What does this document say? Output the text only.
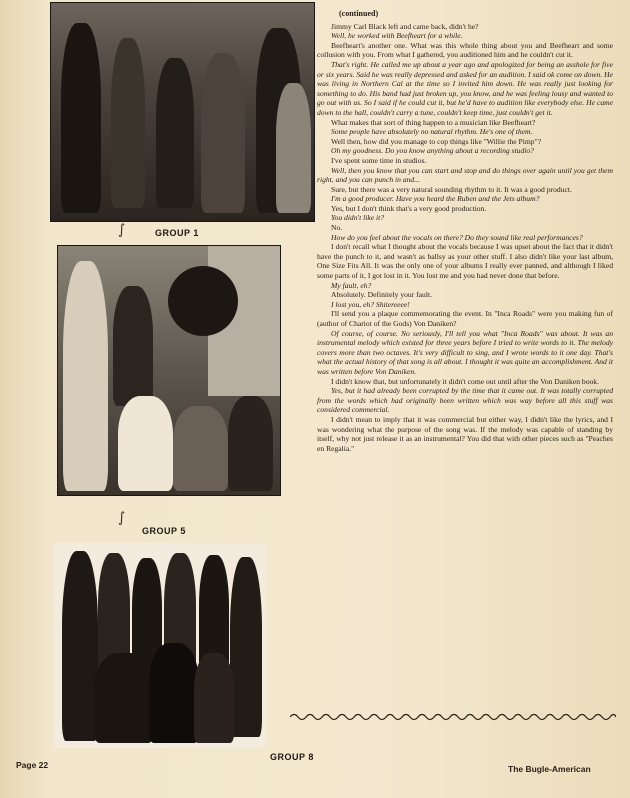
∫	GROUP 1
∫
GROUP 5
GROUP 8

(continued)

Jimmy Carl Black left and came back, didn't he?

Well, he worked with Beefheart for a while.

Beefheart's another one. What was this whole thing about you and Beefheart and some collusion with you. From what I gathered, you auditioned him and he couldn't cut it.

That's right. He called me up about a year ago and apologized for being an asshole for five or six years. Said he was really depressed and asked for an audition. I said ok come on down. He was living in Northern Cal at the time so I invited him down. He was really just looking for something to do. His band had just broken up, you know, and he was feeling lousy and wanted to go out with us. So I said if he could cut it, but he'd have to audition like everybody else. He came down to the hall, couldn't carry a tune, couldn't keep time, just couldn't get it.

What makes that sort of thing happen to a musician like Beefheart?

Some people have absolutely no natural rhythm. He's one of them.

Well then, how did you manage to cop things like "Willie the Pimp"?

Oh my goodness. Do you know anything about a recording studio?

I've spent some time in studios.

Well, then you know that you can start and stop and do things over again until you get them right, and you can punch in and...

Sure, but there was a very natural sounding rhythm to it. It was a good product.

I'm a good producer. Have you heard the Ruben and the Jets album?

Yes, but I don't think that's a very good production.

You didn't like it?

No.

How do you feel about the vocals on there? Do they sound like real performances?

I don't recall what I thought about the vocals because I was upset about the fact that it didn't have the punch to it, and wasn't as ballsy as your other stuff. I also didn't like your last album, One Size Fits All. It was the only one of your albums I really ever panned, and although I liked some parts of it, I got lost in it. You lost me and you had never done that before.

My fault, eh?

Absolutely. Definitely your fault.

I lost you, eh? Shitereeee!

I'll send you a plaque commemorating the event. In "Inca Roads" were you making fun of (author of Chariot of the Gods) Von Daniken?

Of course, of course. No seriously, I'll tell you what "Inca Roads" was about. It was an instrumental melody which existed for three years before I tried to write words to it. The melody covers more than two octaves. It's very difficult to sing, and I wrote words to it one day. That's what the actual history of that song is all about. I thought it was quite an accomplishment. And it was written before Von Daniken.

I didn't know that, but unfortunately it didn't come out until after the Von Daniken book.

Yes, but it had already been corrupted by the time that it came out. It was totally corrupted from the words which had originally been written which was way before all this stuff was considered commercial.

I didn't mean to imply that it was commercial but either way, I didn't like the lyrics, and I was wondering what the purpose of the song was. If the melody was capable of standing by itself, why not just release it as an instrumental? You did that with other pieces such as "Peaches en Regalia."

Page 22	The Bugle-American
